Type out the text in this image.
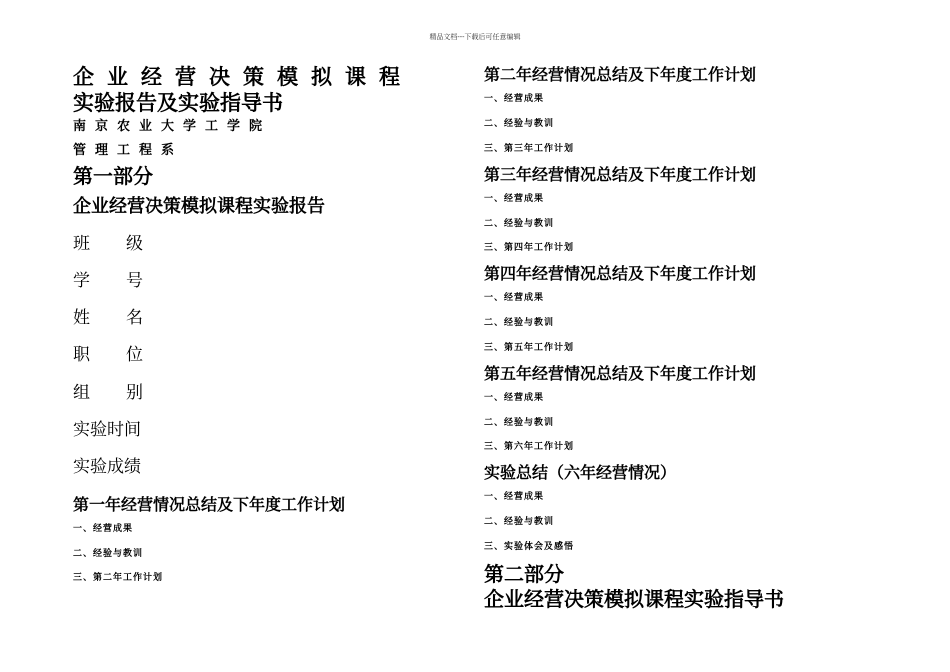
精品文档---下载后可任意编辑
企业经营决策模拟课程
实验报告及实验指导书
南京农业大学工学院
管理工程系
第一部分
企业经营决策模拟课程实验报告
班 级
学 号
姓 名
职 位
组 别
实验时间
实验成绩
第一年经营情况总结及下年度工作计划
一、经营成果
二、经验与教训
三、第二年工作计划
第二年经营情况总结及下年度工作计划
一、经营成果
二、经验与教训
三、第三年工作计划
第三年经营情况总结及下年度工作计划
一、经营成果
二、经验与教训
三、第四年工作计划
第四年经营情况总结及下年度工作计划
一、经营成果
二、经验与教训
三、第五年工作计划
第五年经营情况总结及下年度工作计划
一、经营成果
二、经验与教训
三、第六年工作计划
实验总结（六年经营情况）
一、经营成果
二、经验与教训
三、实验体会及感悟
第二部分
企业经营决策模拟课程实验指导书
